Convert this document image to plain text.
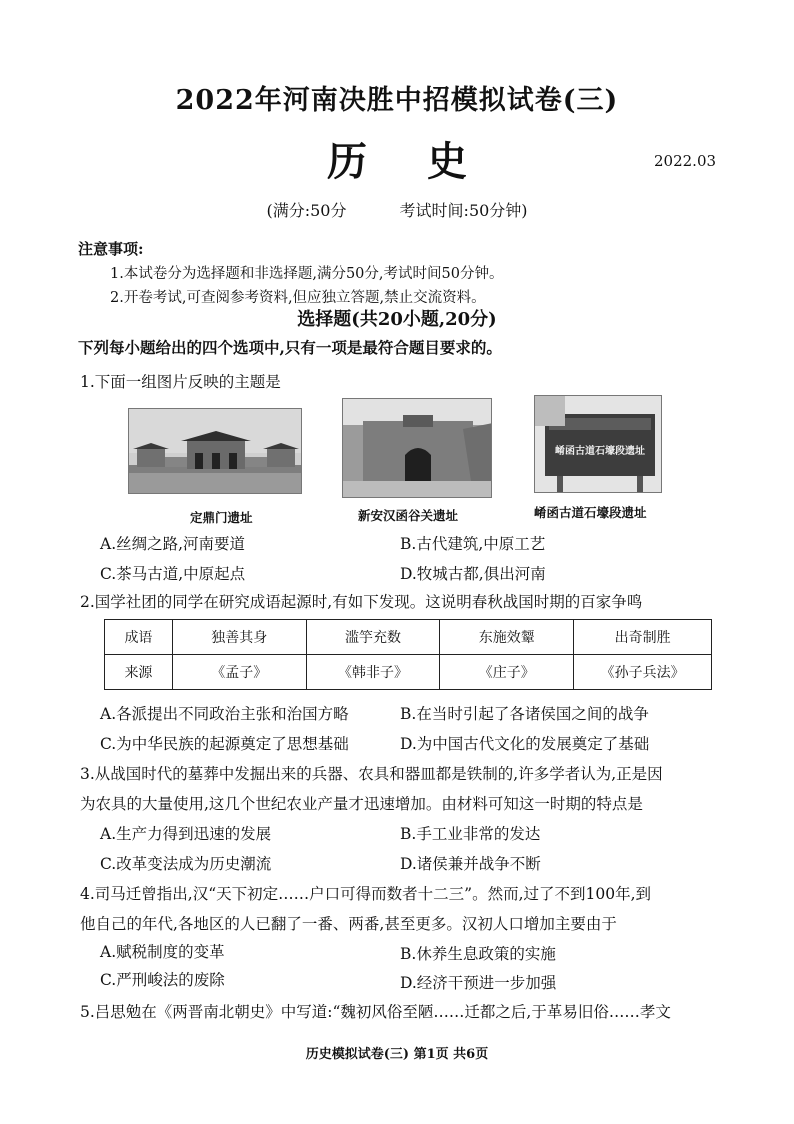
2022年河南决胜中招模拟试卷(三)
历史	2022.03
(满分:50分	考试时间:50分钟)
注意事项:
1.本试卷分为选择题和非选择题,满分50分,考试时间50分钟。
2.开卷考试,可查阅参考资料,但应独立答题,禁止交流资料。
选择题(共20小题,20分)
下列每小题给出的四个选项中,只有一项是最符合题目要求的。
1.下面一组图片反映的主题是
崤函古道石壕段遗址
定鼎门遗址	新安汉函谷关遗址	崤函古道石壕段遗址
A.丝绸之路,河南要道	B.古代建筑,中原工艺
C.茶马古道,中原起点	D.牧城古都,俱出河南
2.国学社团的同学在研究成语起源时,有如下发现。这说明春秋战国时期的百家争鸣
成语	独善其身	滥竽充数	东施效颦	出奇制胜
来源	《孟子》	《韩非子》	《庄子》	《孙子兵法》
A.各派提出不同政治主张和治国方略	B.在当时引起了各诸侯国之间的战争
C.为中华民族的起源奠定了思想基础	D.为中国古代文化的发展奠定了基础
3.从战国时代的墓葬中发掘出来的兵器、农具和器皿都是铁制的,许多学者认为,正是因
为农具的大量使用,这几个世纪农业产量才迅速增加。由材料可知这一时期的特点是
A.生产力得到迅速的发展	B.手工业非常的发达
C.改革变法成为历史潮流	D.诸侯兼并战争不断
4.司马迁曾指出,汉“天下初定……户口可得而数者十二三”。然而,过了不到100年,到
他自己的年代,各地区的人已翻了一番、两番,甚至更多。汉初人口增加主要由于
A.赋税制度的变革	B.休养生息政策的实施
C.严刑峻法的废除	D.经济干预进一步加强
5.吕思勉在《两晋南北朝史》中写道:“魏初风俗至陋……迁都之后,于革易旧俗……孝文
历史模拟试卷(三) 第1页 共6页
